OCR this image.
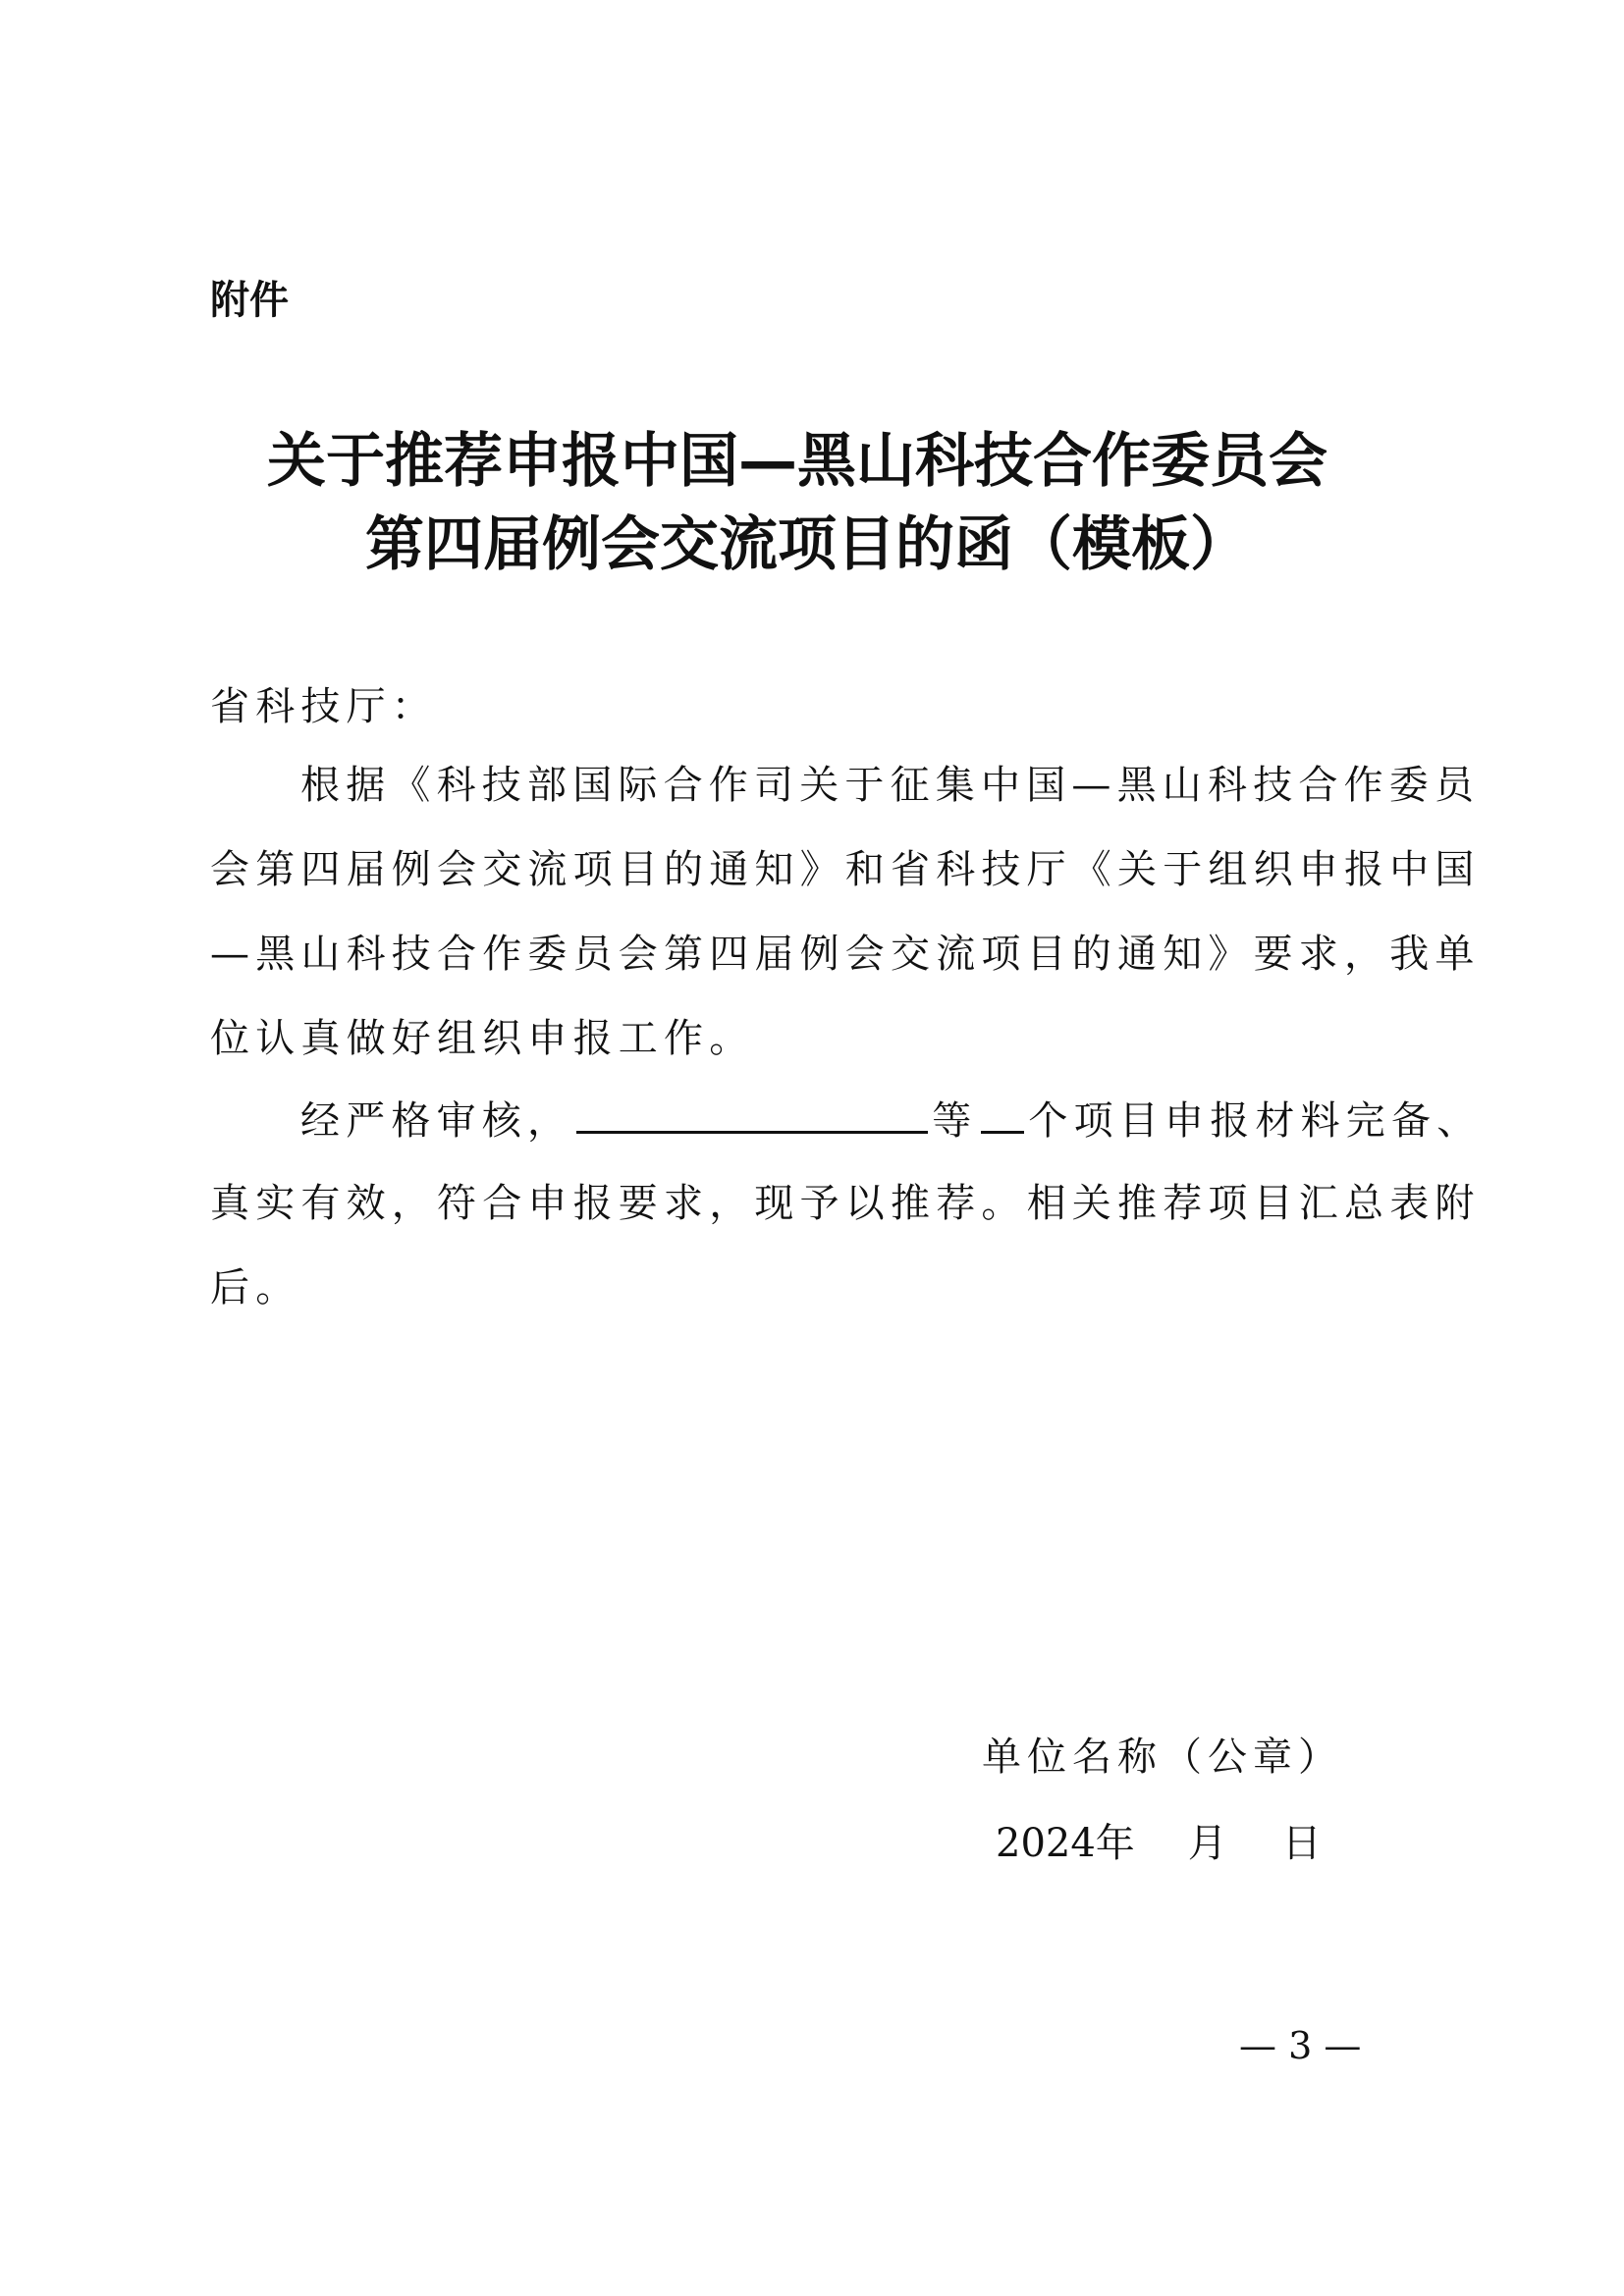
附件
关于推荐申报中国—黑山科技合作委员会
第四届例会交流项目的函（模板）
省科技厅：
根据《科技部国际合作司关于征集中国—黑山科技合作委员
会第四届例会交流项目的通知》和省科技厅《关于组织申报中国
—黑山科技合作委员会第四届例会交流项目的通知》要求，我单
位认真做好组织申报工作。
经严格审核，	等 个项目申报材料完备、
真实有效，符合申报要求，现予以推荐。相关推荐项目汇总表附
后。
单位名称（公章）
2024年 月 日
— 3 —
